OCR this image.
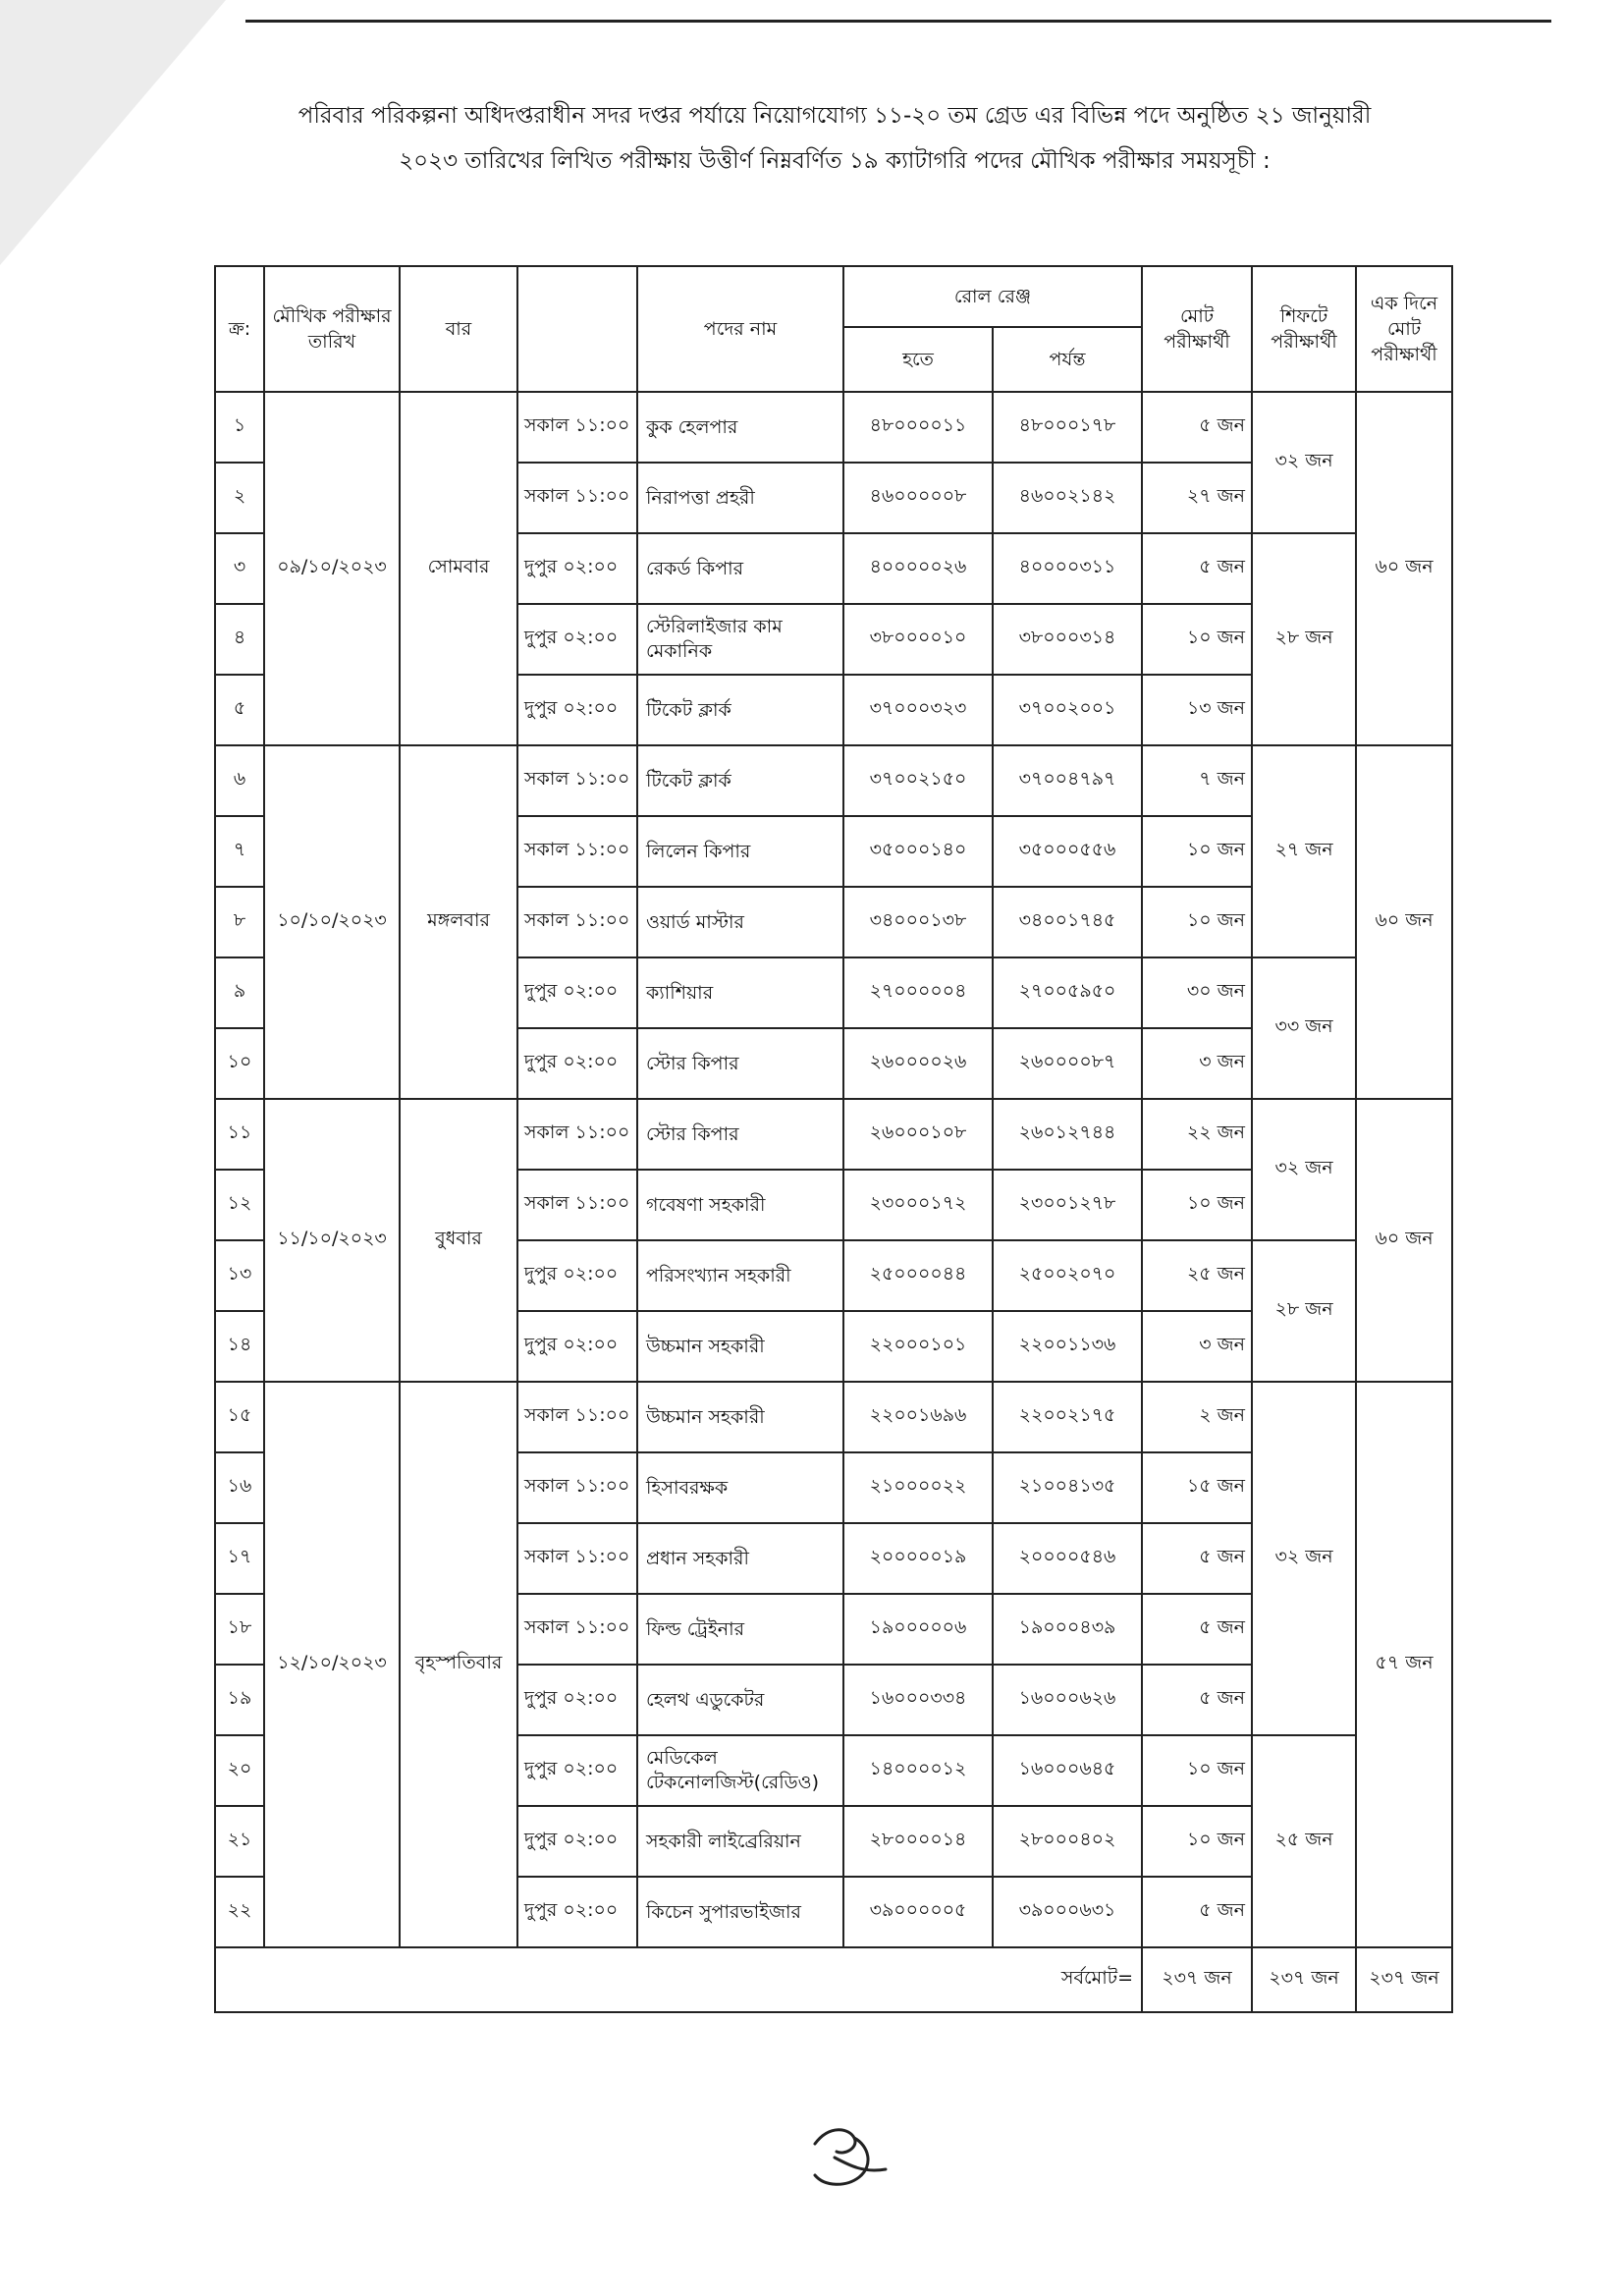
পরিবার পরিকল্পনা অধিদপ্তরাধীন সদর দপ্তর পর্যায়ে নিয়োগযোগ্য ১১-২০ তম গ্রেড এর বিভিন্ন পদে অনুষ্ঠিত ২১ জানুয়ারী
২০২৩ তারিখের লিখিত পরীক্ষায় উত্তীর্ণ নিম্নবর্ণিত ১৯ ক্যাটাগরি পদের মৌখিক পরীক্ষার সময়সূচী :
ক্র:	মৌখিক পরীক্ষার তারিখ	বার		পদের নাম	রোল রেঞ্জ		মোট পরীক্ষার্থী	শিফটে পরীক্ষার্থী	এক দিনে মোট পরীক্ষার্থী
					হতে	পর্যন্ত			
১	০৯/১০/২০২৩	সোমবার	সকাল ১১:০০	কুক হেলপার	৪৮০০০০১১	৪৮০০০১৭৮	৫ জন	৩২ জন	৬০ জন
২			সকাল ১১:০০	নিরাপত্তা প্রহরী	৪৬০০০০০৮	৪৬০০২১৪২	২৭ জন		
৩			দুপুর ০২:০০	রেকর্ড কিপার	৪০০০০০২৬	৪০০০০৩১১	৫ জন	২৮ জন	
৪			দুপুর ০২:০০	স্টেরিলাইজার কাম মেকানিক	৩৮০০০০১০	৩৮০০০৩১৪	১০ জন		
৫			দুপুর ০২:০০	টিকেট ক্লার্ক	৩৭০০০৩২৩	৩৭০০২০০১	১৩ জন		
৬	১০/১০/২০২৩	মঙ্গলবার	সকাল ১১:০০	টিকেট ক্লার্ক	৩৭০০২১৫০	৩৭০০৪৭৯৭	৭ জন	২৭ জন	৬০ জন
৭			সকাল ১১:০০	লিলেন কিপার	৩৫০০০১৪০	৩৫০০০৫৫৬	১০ জন		
৮			সকাল ১১:০০	ওয়ার্ড মাস্টার	৩৪০০০১৩৮	৩৪০০১৭৪৫	১০ জন		
৯			দুপুর ০২:০০	ক্যাশিয়ার	২৭০০০০০৪	২৭০০৫৯৫০	৩০ জন	৩৩ জন	
১০			দুপুর ০২:০০	স্টোর কিপার	২৬০০০০২৬	২৬০০০০৮৭	৩ জন		
১১	১১/১০/২০২৩	বুধবার	সকাল ১১:০০	স্টোর কিপার	২৬০০০১০৮	২৬০১২৭৪৪	২২ জন	৩২ জন	৬০ জন
১২			সকাল ১১:০০	গবেষণা সহকারী	২৩০০০১৭২	২৩০০১২৭৮	১০ জন		
১৩			দুপুর ০২:০০	পরিসংখ্যান সহকারী	২৫০০০০৪৪	২৫০০২০৭০	২৫ জন	২৮ জন	
১৪			দুপুর ০২:০০	উচ্চমান সহকারী	২২০০০১০১	২২০০১১৩৬	৩ জন		
১৫	১২/১০/২০২৩	বৃহস্পতিবার	সকাল ১১:০০	উচ্চমান সহকারী	২২০০১৬৯৬	২২০০২১৭৫	২ জন	৩২ জন	৫৭ জন
১৬			সকাল ১১:০০	হিসাবরক্ষক	২১০০০০২২	২১০০৪১৩৫	১৫ জন		
১৭			সকাল ১১:০০	প্রধান সহকারী	২০০০০০১৯	২০০০০৫৪৬	৫ জন		
১৮			সকাল ১১:০০	ফিল্ড ট্রেইনার	১৯০০০০০৬	১৯০০০৪৩৯	৫ জন		
১৯			দুপুর ০২:০০	হেলথ এডুকেটর	১৬০০০৩৩৪	১৬০০০৬২৬	৫ জন		
২০			দুপুর ০২:০০	মেডিকেল টেকনোলজিস্ট(রেডিও)	১৪০০০০১২	১৬০০০৬৪৫	১০ জন	২৫ জন	
২১			দুপুর ০২:০০	সহকারী লাইব্রেরিয়ান	২৮০০০০১৪	২৮০০০৪০২	১০ জন		
২২			দুপুর ০২:০০	কিচেন সুপারভাইজার	৩৯০০০০০৫	৩৯০০০৬৩১	৫ জন		
সর্বমোট=							২৩৭ জন	২৩৭ জন	২৩৭ জন
